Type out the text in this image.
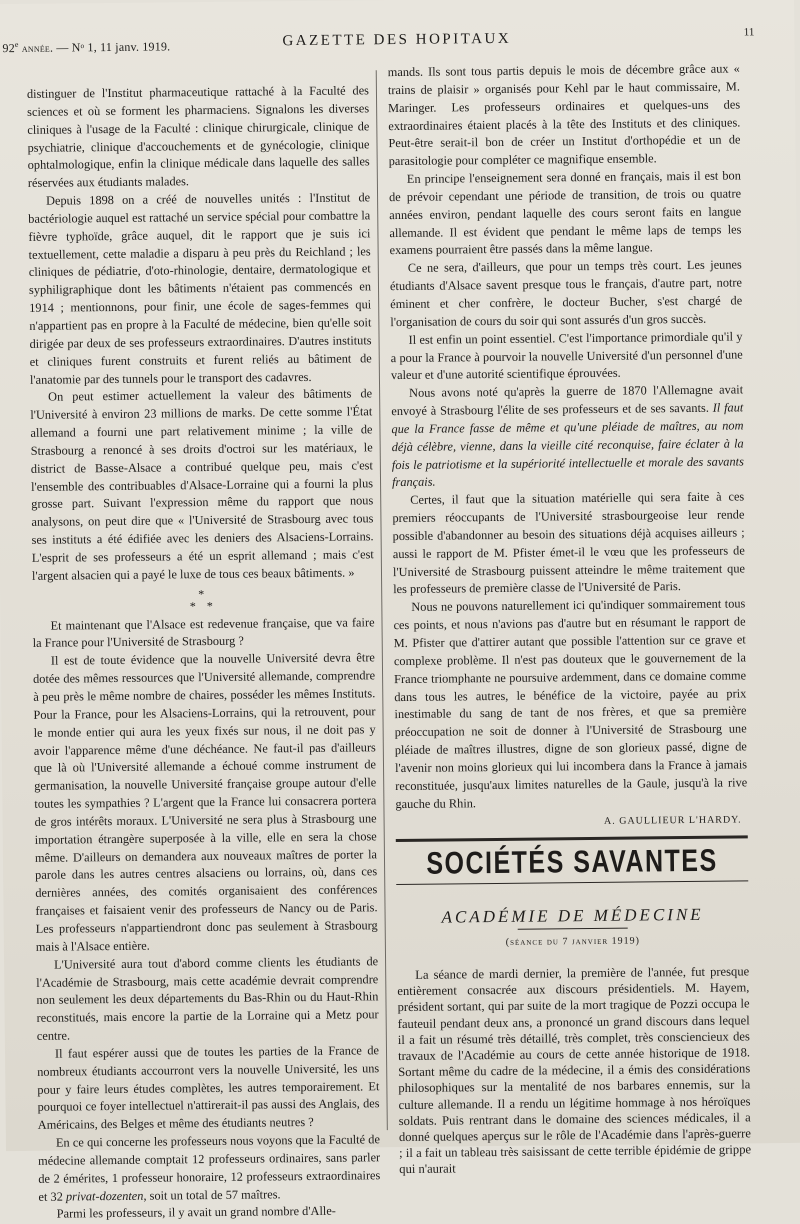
92e année. — Nᵒ 1, 11 janv. 1919.	GAZETTE DES HOPITAUX	11

distinguer de l'Institut pharmaceutique rattaché à la Faculté des sciences et où se forment les pharmaciens. Signalons les diverses cliniques à l'usage de la Faculté : clinique chirurgicale, clinique de psychiatrie, clinique d'accouchements et de gynécologie, clinique ophtalmologique, enfin la clinique médicale dans laquelle des salles réservées aux étudiants malades.

Depuis 1898 on a créé de nouvelles unités : l'Institut de bactériologie auquel est rattaché un service spécial pour combattre la fièvre typhoïde, grâce auquel, dit le rapport que je suis ici textuellement, cette maladie a disparu à peu près du Reichland ; les cliniques de pédiatrie, d'oto-rhinologie, dentaire, dermatologique et syphiligraphique dont les bâtiments n'étaient pas commencés en 1914 ; mentionnons, pour finir, une école de sages-femmes qui n'appartient pas en propre à la Faculté de médecine, bien qu'elle soit dirigée par deux de ses professeurs extraordinaires. D'autres instituts et cliniques furent construits et furent reliés au bâtiment de l'anatomie par des tunnels pour le transport des cadavres.

On peut estimer actuellement la valeur des bâtiments de l'Université à environ 23 millions de marks. De cette somme l'État allemand a fourni une part relativement minime ; la ville de Strasbourg a renoncé à ses droits d'octroi sur les matériaux, le district de Basse-Alsace a contribué quelque peu, mais c'est l'ensemble des contribuables d'Alsace-Lorraine qui a fourni la plus grosse part. Suivant l'expression même du rapport que nous analysons, on peut dire que « l'Université de Strasbourg avec tous ses instituts a été édifiée avec les deniers des Alsaciens-Lorrains. L'esprit de ses professeurs a été un esprit allemand ; mais c'est l'argent alsacien qui a payé le luxe de tous ces beaux bâtiments. »

*
* *

Et maintenant que l'Alsace est redevenue française, que va faire la France pour l'Université de Strasbourg ?

Il est de toute évidence que la nouvelle Université devra être dotée des mêmes ressources que l'Université allemande, comprendre à peu près le même nombre de chaires, posséder les mêmes Instituts. Pour la France, pour les Alsaciens-Lorrains, qui la retrouvent, pour le monde entier qui aura les yeux fixés sur nous, il ne doit pas y avoir l'apparence même d'une déchéance. Ne faut-il pas d'ailleurs que là où l'Université allemande a échoué comme instrument de germanisation, la nouvelle Université française groupe autour d'elle toutes les sympathies ? L'argent que la France lui consacrera portera de gros intérêts moraux. L'Université ne sera plus à Strasbourg une importation étrangère superposée à la ville, elle en sera la chose même. D'ailleurs on demandera aux nouveaux maîtres de porter la parole dans les autres centres alsaciens ou lorrains, où, dans ces dernières années, des comités organisaient des conférences françaises et faisaient venir des professeurs de Nancy ou de Paris. Les professeurs n'appartiendront donc pas seulement à Strasbourg mais à l'Alsace entière.

L'Université aura tout d'abord comme clients les étudiants de l'Académie de Strasbourg, mais cette académie devrait comprendre non seulement les deux départements du Bas-Rhin ou du Haut-Rhin reconstitués, mais encore la partie de la Lorraine qui a Metz pour centre.

Il faut espérer aussi que de toutes les parties de la France de nombreux étudiants accourront vers la nouvelle Université, les uns pour y faire leurs études complètes, les autres temporairement. Et pourquoi ce foyer intellectuel n'attirerait-il pas aussi des Anglais, des Américains, des Belges et même des étudiants neutres ?

En ce qui concerne les professeurs nous voyons que la Faculté de médecine allemande comptait 12 professeurs ordinaires, sans parler de 2 émérites, 1 professeur honoraire, 12 professeurs extraordinaires et 32 privat-dozenten, soit un total de 57 maîtres.

Parmi les professeurs, il y avait un grand nombre d'Alle-

mands. Ils sont tous partis depuis le mois de décembre grâce aux « trains de plaisir » organisés pour Kehl par le haut commissaire, M. Maringer. Les professeurs ordinaires et quelques-uns des extraordinaires étaient placés à la tête des Instituts et des cliniques. Peut-être serait-il bon de créer un Institut d'orthopédie et un de parasitologie pour compléter ce magnifique ensemble.

En principe l'enseignement sera donné en français, mais il est bon de prévoir cependant une période de transition, de trois ou quatre années environ, pendant laquelle des cours seront faits en langue allemande. Il est évident que pendant le même laps de temps les examens pourraient être passés dans la même langue.

Ce ne sera, d'ailleurs, que pour un temps très court. Les jeunes étudiants d'Alsace savent presque tous le français, d'autre part, notre éminent et cher confrère, le docteur Bucher, s'est chargé de l'organisation de cours du soir qui sont assurés d'un gros succès.

Il est enfin un point essentiel. C'est l'importance primordiale qu'il y a pour la France à pourvoir la nouvelle Université d'un personnel d'une valeur et d'une autorité scientifique éprouvées.

Nous avons noté qu'après la guerre de 1870 l'Allemagne avait envoyé à Strasbourg l'élite de ses professeurs et de ses savants. Il faut que la France fasse de même et qu'une pléiade de maîtres, au nom déjà célèbre, vienne, dans la vieille cité reconquise, faire éclater à la fois le patriotisme et la supériorité intellectuelle et morale des savants français.

Certes, il faut que la situation matérielle qui sera faite à ces premiers réoccupants de l'Université strasbourgeoise leur rende possible d'abandonner au besoin des situations déjà acquises ailleurs ; aussi le rapport de M. Pfister émet-il le vœu que les professeurs de l'Université de Strasbourg puissent atteindre le même traitement que les professeurs de première classe de l'Université de Paris.

Nous ne pouvons naturellement ici qu'indiquer sommairement tous ces points, et nous n'avions pas d'autre but en résumant le rapport de M. Pfister que d'attirer autant que possible l'attention sur ce grave et complexe problème. Il n'est pas douteux que le gouvernement de la France triomphante ne poursuive ardemment, dans ce domaine comme dans tous les autres, le bénéfice de la victoire, payée au prix inestimable du sang de tant de nos frères, et que sa première préoccupation ne soit de donner à l'Université de Strasbourg une pléiade de maîtres illustres, digne de son glorieux passé, digne de l'avenir non moins glorieux qui lui incombera dans la France à jamais reconstituée, jusqu'aux limites naturelles de la Gaule, jusqu'à la rive gauche du Rhin.

A. GAULLIEUR L'HARDY.
SOCIÉTÉS SAVANTES
ACADÉMIE DE MÉDECINE
(séance du 7 janvier 1919)

La séance de mardi dernier, la première de l'année, fut presque entièrement consacrée aux discours présidentiels. M. Hayem, président sortant, qui par suite de la mort tragique de Pozzi occupa le fauteuil pendant deux ans, a prononcé un grand discours dans lequel il a fait un résumé très détaillé, très complet, très consciencieux des travaux de l'Académie au cours de cette année historique de 1918. Sortant même du cadre de la médecine, il a émis des considérations philosophiques sur la mentalité de nos barbares ennemis, sur la culture allemande. Il a rendu un légitime hommage à nos héroïques soldats. Puis rentrant dans le domaine des sciences médicales, il a donné quelques aperçus sur le rôle de l'Académie dans l'après-guerre ; il a fait un tableau très saisissant de cette terrible épidémie de grippe qui n'aurait
